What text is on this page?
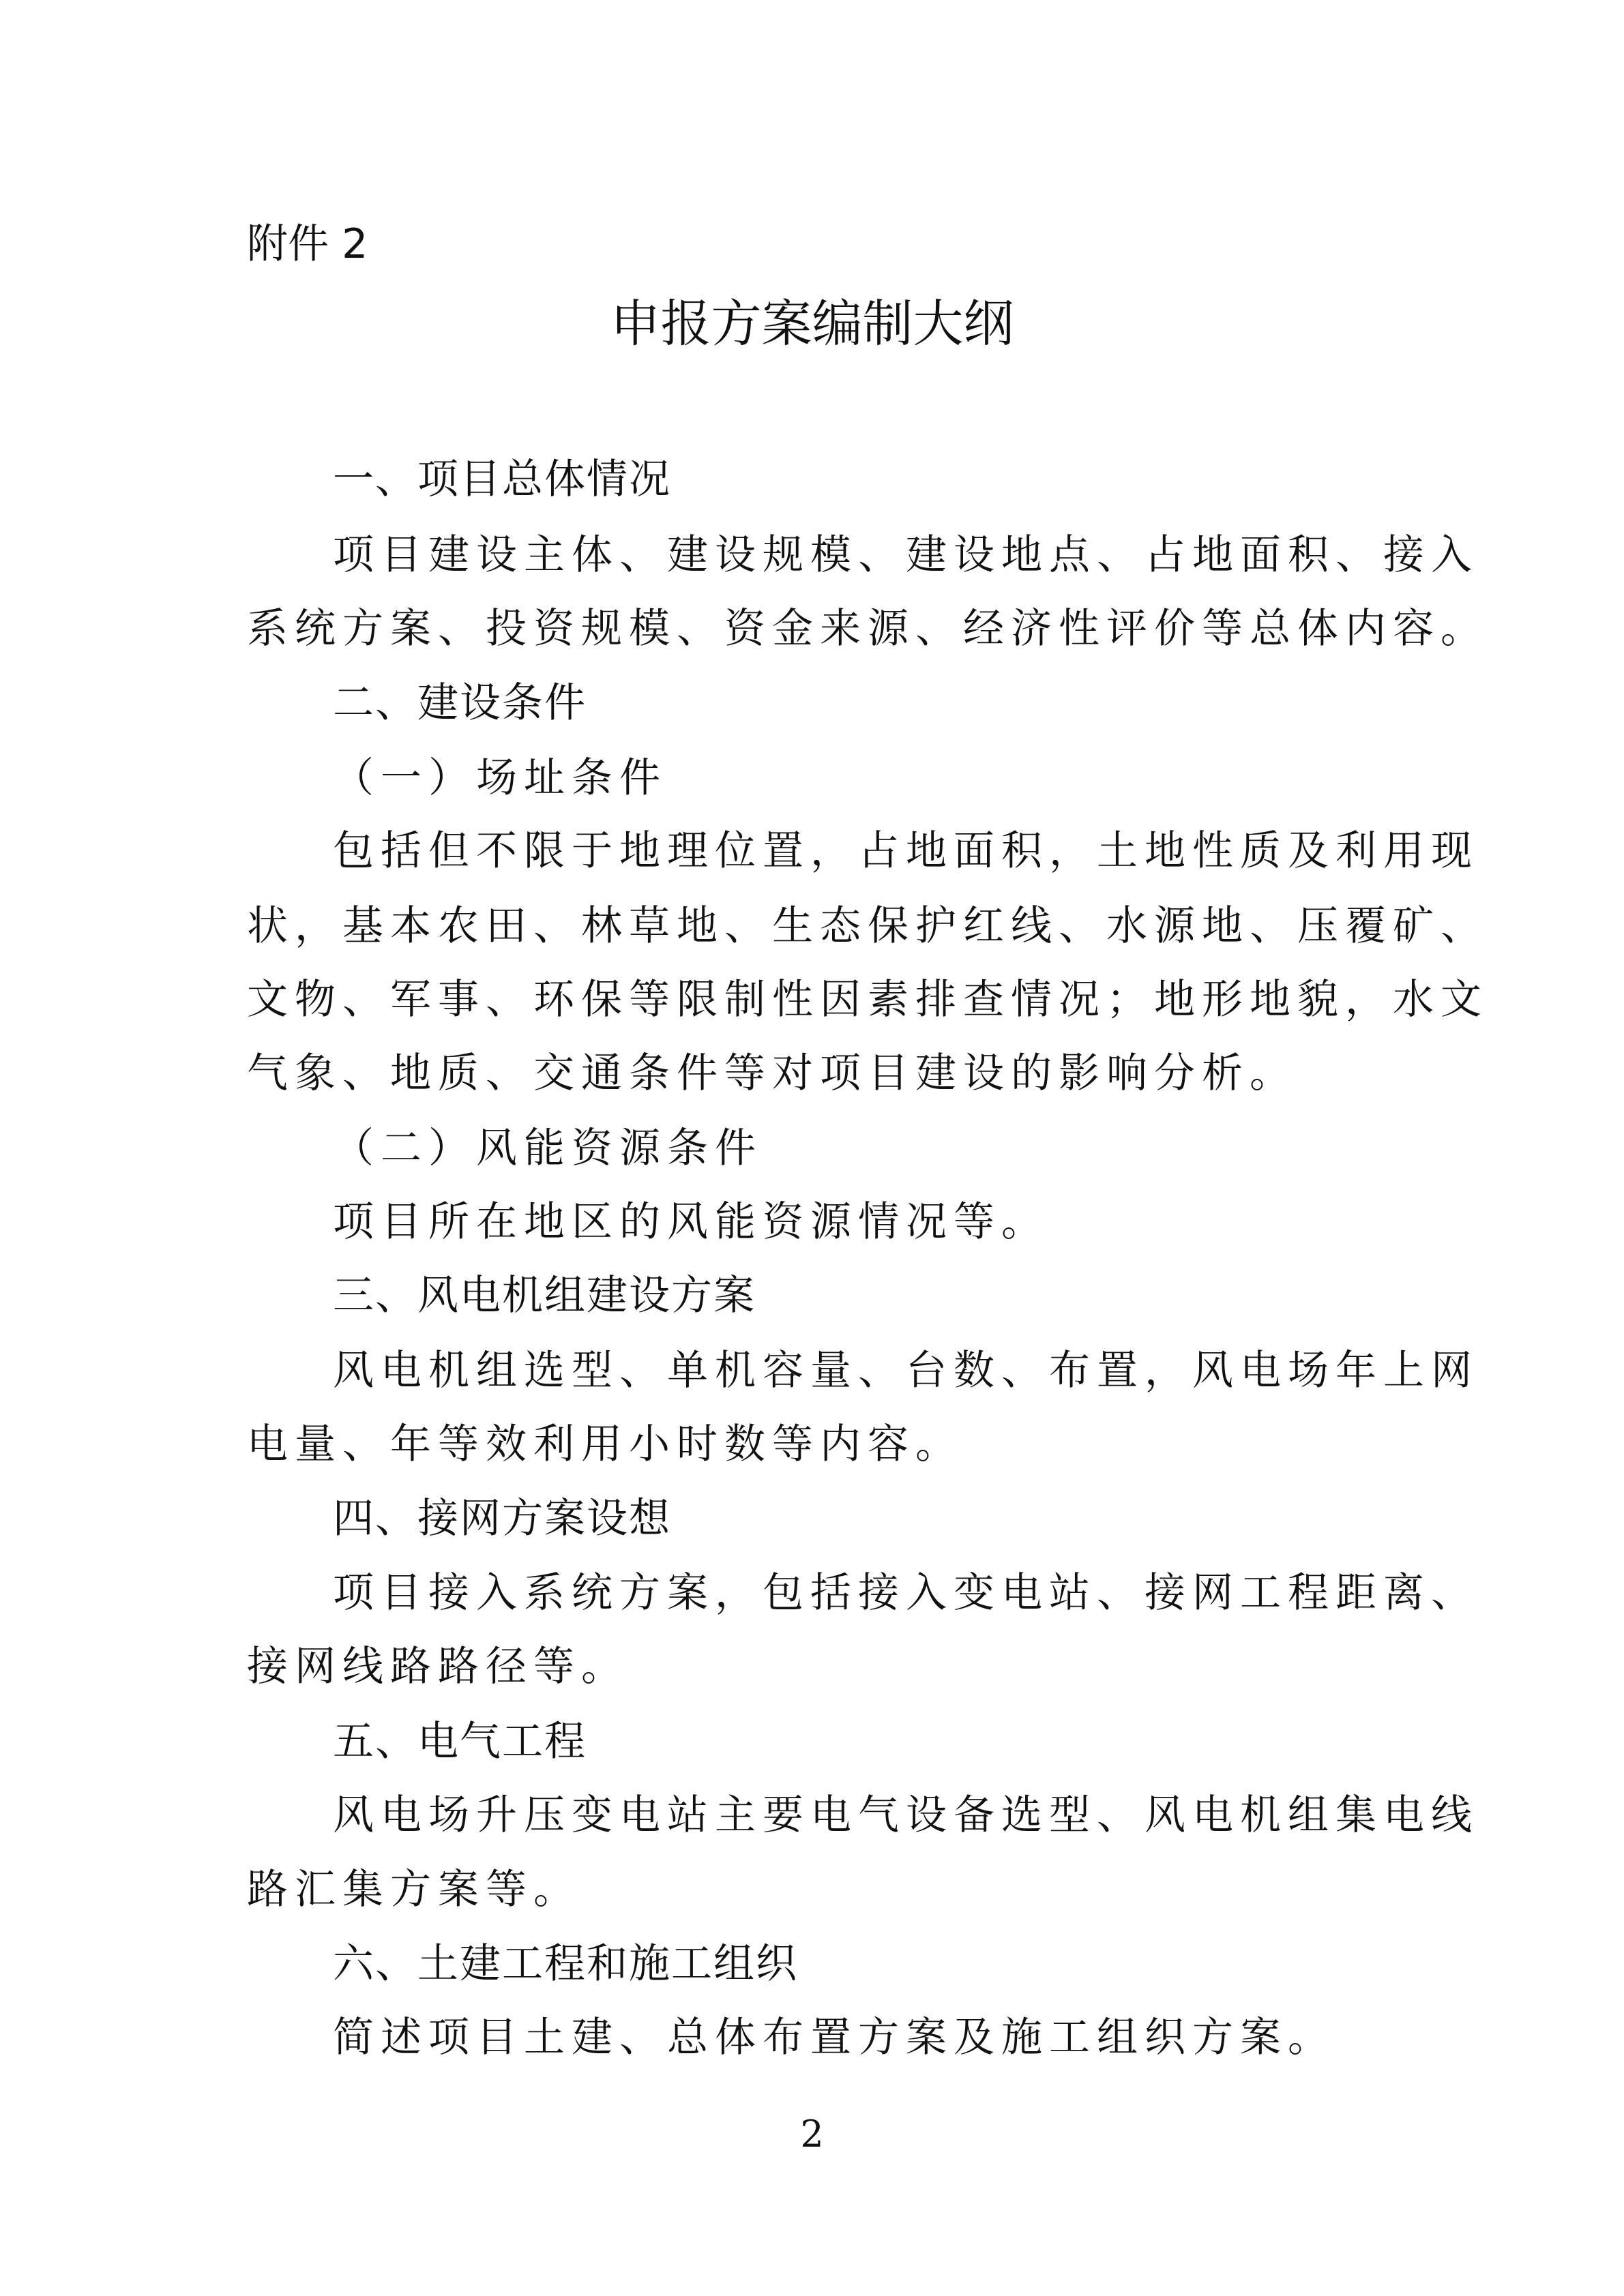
附件 2
申报方案编制大纲
一、项目总体情况
项目建设主体、建设规模、建设地点、占地面积、接入
系统方案、投资规模、资金来源、经济性评价等总体内容。
二、建设条件
（一）场址条件
包括但不限于地理位置，占地面积，土地性质及利用现
状，基本农田、林草地、生态保护红线、水源地、压覆矿、
文物、军事、环保等限制性因素排查情况；地形地貌，水文
气象、地质、交通条件等对项目建设的影响分析。
（二）风能资源条件
项目所在地区的风能资源情况等。
三、风电机组建设方案
风电机组选型、单机容量、台数、布置，风电场年上网
电量、年等效利用小时数等内容。
四、接网方案设想
项目接入系统方案，包括接入变电站、接网工程距离、
接网线路路径等。
五、电气工程
风电场升压变电站主要电气设备选型、风电机组集电线
路汇集方案等。
六、土建工程和施工组织
简述项目土建、总体布置方案及施工组织方案。
2
